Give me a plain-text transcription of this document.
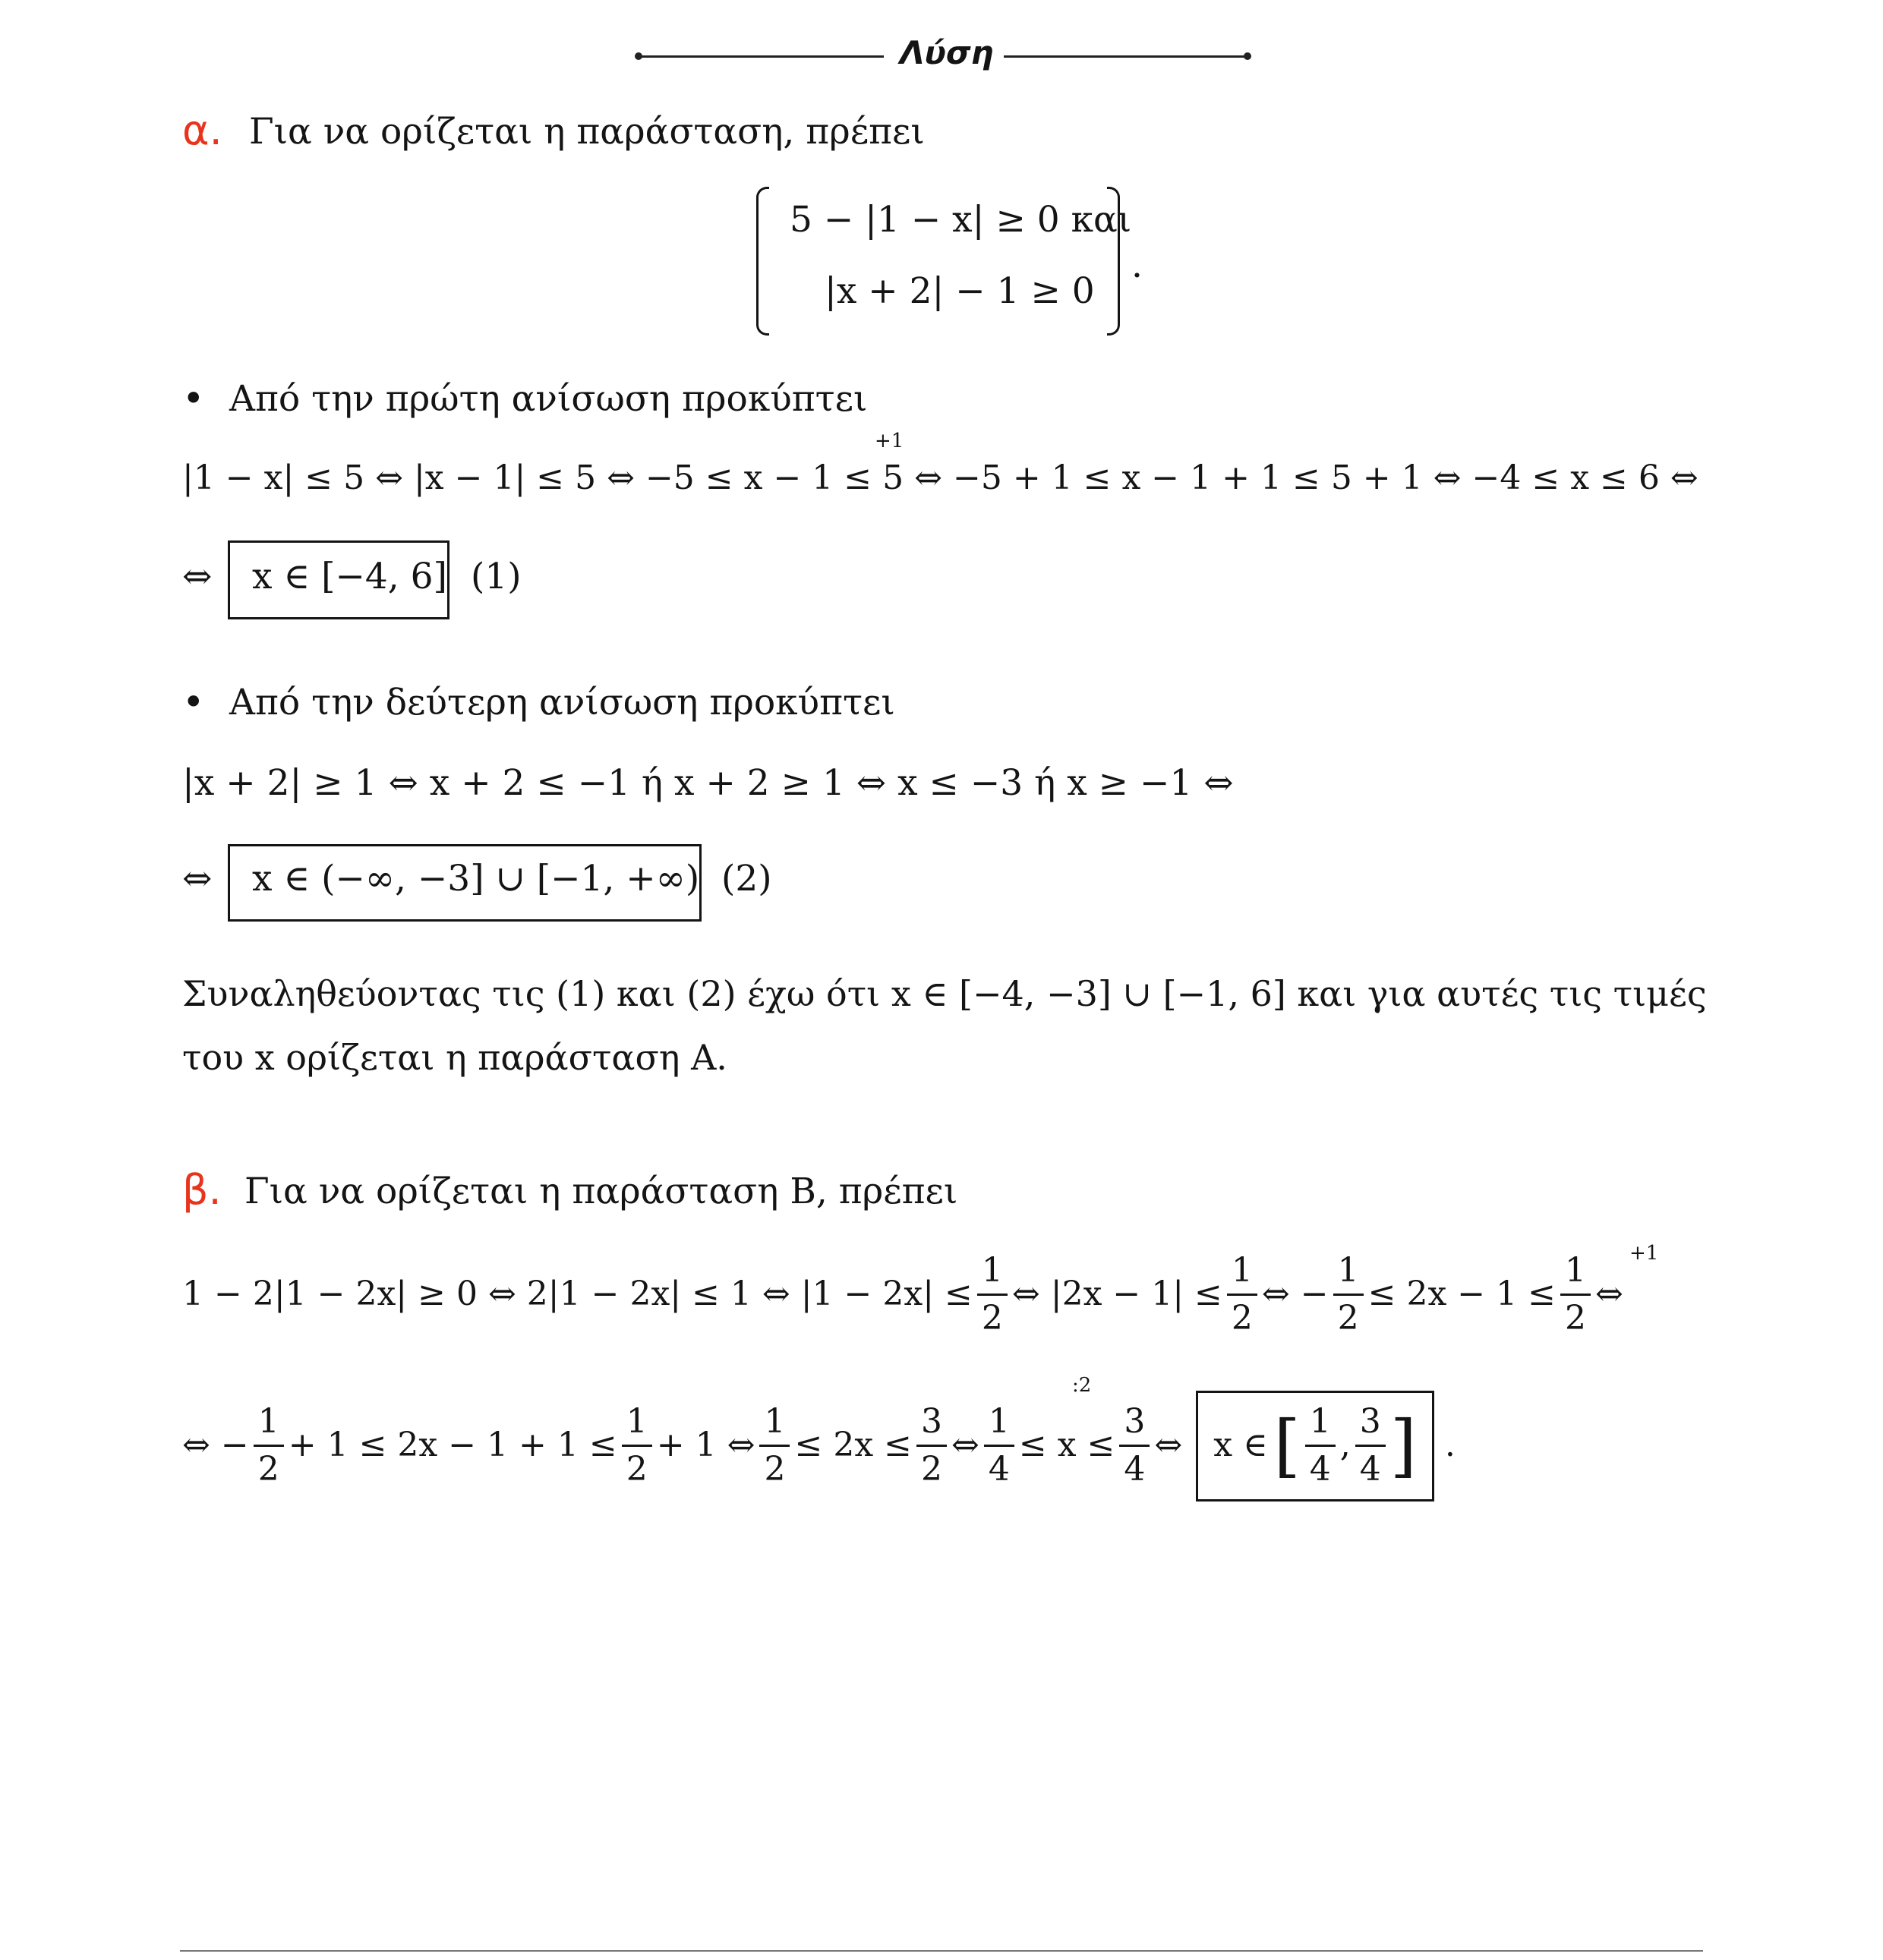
Λύση
α. Για να ορίζεται η παράσταση, πρέπει
5 − |1 − x| ≥ 0 και
|x + 2| − 1 ≥ 0
.
• Από την πρώτη ανίσωση προκύπτει
+1
|1 − x| ≤ 5 ⇔ |x − 1| ≤ 5 ⇔ −5 ≤ x − 1 ≤ 5 ⇔ −5 + 1 ≤ x − 1 + 1 ≤ 5 + 1 ⇔ −4 ≤ x ≤ 6 ⇔
⇔ x ∈ [−4, 6] (1)
• Από την δεύτερη ανίσωση προκύπτει
|x + 2| ≥ 1 ⇔ x + 2 ≤ −1 ή x + 2 ≥ 1 ⇔ x ≤ −3 ή x ≥ −1 ⇔
⇔ x ∈ (−∞, −3] ∪ [−1, +∞) (2)
Συναληθεύοντας τις (1) και (2) έχω ότι x ∈ [−4, −3] ∪ [−1, 6] και για αυτές τις τιμές
του x ορίζεται η παράσταση Α.
β. Για να ορίζεται η παράσταση Β, πρέπει
+1
1 − 2|1 − 2x| ≥ 0 ⇔ 2|1 − 2x| ≤ 1 ⇔ $|1 - 2x| \le \frac{1}{2}$ ⇔ $|2x - 1| \le \frac{1}{2}$ ⇔ − $\frac{1}{2} \le 2x - 1 \le \frac{1}{2}$ ⇔
:2
⇔ − $\frac{1}{2} + 1 \le 2x - 1 + 1 \le \frac{1}{2} + 1$ ⇔ $\frac{1}{2} \le 2x \le \frac{3}{2}$ ⇔ $\frac{1}{4} \le x \le \frac{3}{4}$ ⇔ x ∈ [ $\frac{1}{4}$ , $\frac{3}{4}$ ] .
